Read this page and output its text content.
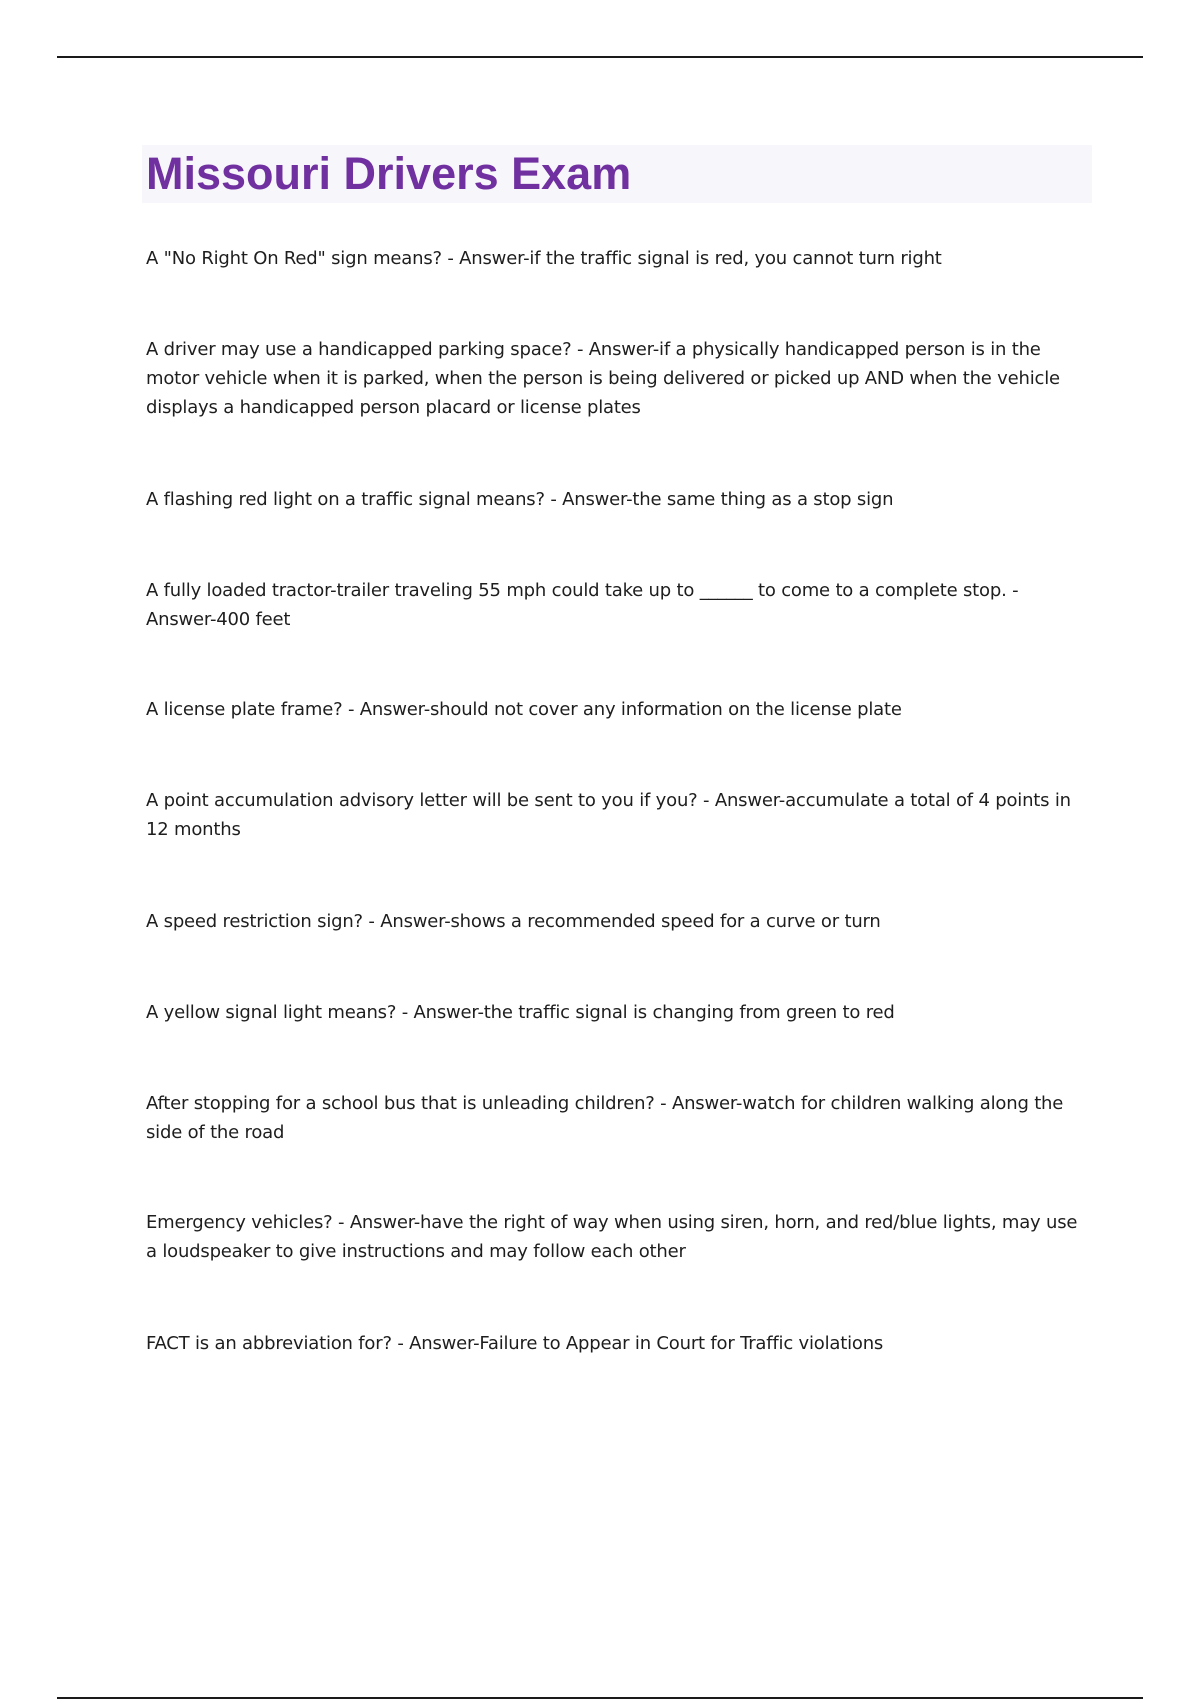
Missouri Drivers Exam

A "No Right On Red" sign means? - Answer-if the traffic signal is red, you cannot turn right

A driver may use a handicapped parking space? - Answer-if a physically handicapped person is in the motor vehicle when it is parked, when the person is being delivered or picked up AND when the vehicle displays a handicapped person placard or license plates

A flashing red light on a traffic signal means? - Answer-the same thing as a stop sign

A fully loaded tractor-trailer traveling 55 mph could take up to ______ to come to a complete stop. - Answer-400 feet

A license plate frame? - Answer-should not cover any information on the license plate

A point accumulation advisory letter will be sent to you if you? - Answer-accumulate a total of 4 points in 12 months

A speed restriction sign? - Answer-shows a recommended speed for a curve or turn

A yellow signal light means? - Answer-the traffic signal is changing from green to red

After stopping for a school bus that is unleading children? - Answer-watch for children walking along the side of the road

Emergency vehicles? - Answer-have the right of way when using siren, horn, and red/blue lights, may use a loudspeaker to give instructions and may follow each other

FACT is an abbreviation for? - Answer-Failure to Appear in Court for Traffic violations
